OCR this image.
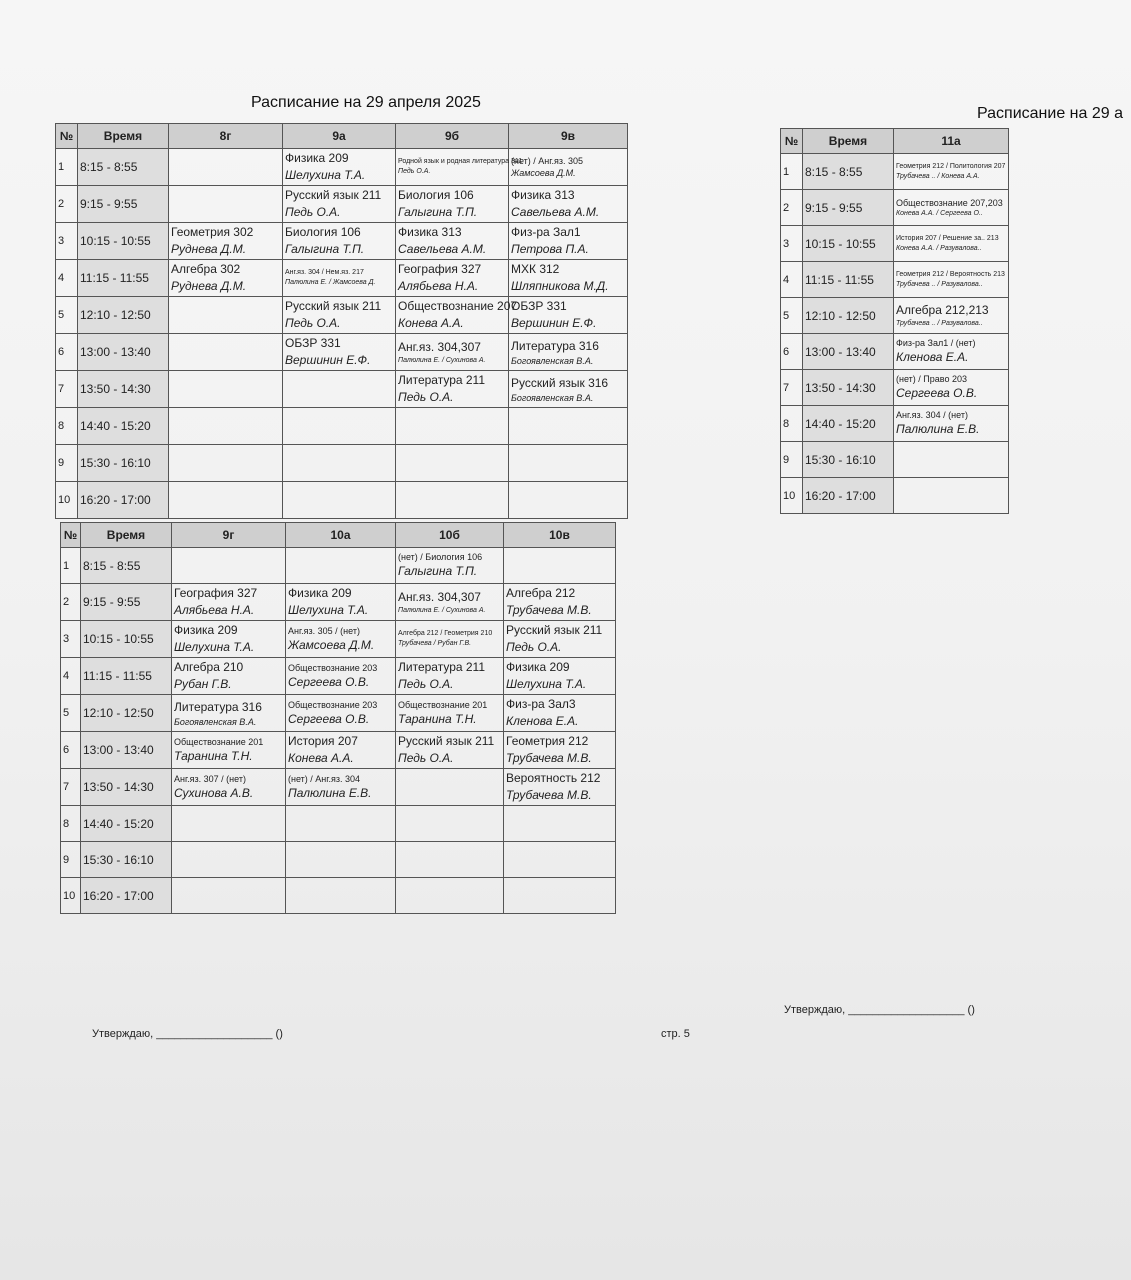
Расписание на 29 апреля 2025
№	Время	8г	9а	9б	9в
1	8:15 - 8:55		Физика 209
Шелухина Т.А.	Родной язык и родная литература 311
Педь О.А.	(нет) / Анг.яз. 305
Жамсоева Д.М.

2	9:15 - 9:55		Русский язык 211
Педь О.А.	Биология 106
Галыгина Т.П.	Физика 313
Савельева А.М.

3	10:15 - 10:55	Геометрия 302
Руднева Д.М.	Биология 106
Галыгина Т.П.	Физика 313
Савельева А.М.	Физ-ра Зал1
Петрова П.А.

4	11:15 - 11:55	Алгебра 302
Руднева Д.М.	Анг.яз. 304 / Нем.яз. 217
Палюлина Е. / Жамсоева Д.	География 327
Алябьева Н.А.	МХК 312
Шляпникова М.Д.

5	12:10 - 12:50		Русский язык 211
Педь О.А.	Обществознание 207
Конева А.А.	ОБЗР 331
Вершинин Е.Ф.

6	13:00 - 13:40		ОБЗР 331
Вершинин Е.Ф.	Анг.яз. 304,307
Палюлина Е. / Сухинова А.	Литература 316
Богоявленская В.А.

7	13:50 - 14:30			Литература 211
Педь О.А.	Русский язык 316
Богоявленская В.А.

8	14:40 - 15:20				
9	15:30 - 16:10				
10	16:20 - 17:00				
№	Время	9г	10а	10б	10в
1	8:15 - 8:55			(нет) / Биология 106
Галыгина Т.П.	

2	9:15 - 9:55	География 327
Алябьева Н.А.	Физика 209
Шелухина Т.А.	Анг.яз. 304,307
Палюлина Е. / Сухинова А.	Алгебра 212
Трубачева М.В.

3	10:15 - 10:55	Физика 209
Шелухина Т.А.	Анг.яз. 305 / (нет)
Жамсоева Д.М.	Алгебра 212 / Геометрия 210
Трубачева / Рубан Г.В.	Русский язык 211
Педь О.А.

4	11:15 - 11:55	Алгебра 210
Рубан Г.В.	Обществознание 203
Сергеева О.В.	Литература 211
Педь О.А.	Физика 209
Шелухина Т.А.

5	12:10 - 12:50	Литература 316
Богоявленская В.А.	Обществознание 203
Сергеева О.В.	Обществознание 201
Таранина Т.Н.	Физ-ра Зал3
Кленова Е.А.

6	13:00 - 13:40	Обществознание 201
Таранина Т.Н.	История 207
Конева А.А.	Русский язык 211
Педь О.А.	Геометрия 212
Трубачева М.В.

7	13:50 - 14:30	Анг.яз. 307 / (нет)
Сухинова А.В.	(нет) / Анг.яз. 304
Палюлина Е.В.		Вероятность 212
Трубачева М.В.

8	14:40 - 15:20				
9	15:30 - 16:10				
10	16:20 - 17:00				
Утверждаю, ___________________ ()	стр. 5
Расписание на 29 а
№	Время	11а
1	8:15 - 8:55	Геометрия 212 / Политология 207
Трубачева .. / Конева А.А.

2	9:15 - 9:55	Обществознание 207,203
Конева А.А. / Сергеева О..

3	10:15 - 10:55	История 207 / Решение за.. 213
Конева А.А. / Разувалова..

4	11:15 - 11:55	Геометрия 212 / Вероятность 213
Трубачева .. / Разувалова..

5	12:10 - 12:50	Алгебра 212,213
Трубачева .. / Разувалова..

6	13:00 - 13:40	Физ-ра Зал1 / (нет)
Кленова Е.А.

7	13:50 - 14:30	(нет) / Право 203
Сергеева О.В.

8	14:40 - 15:20	Анг.яз. 304 / (нет)
Палюлина Е.В.

9	15:30 - 16:10	
10	16:20 - 17:00	
Утверждаю, ___________________ ()
